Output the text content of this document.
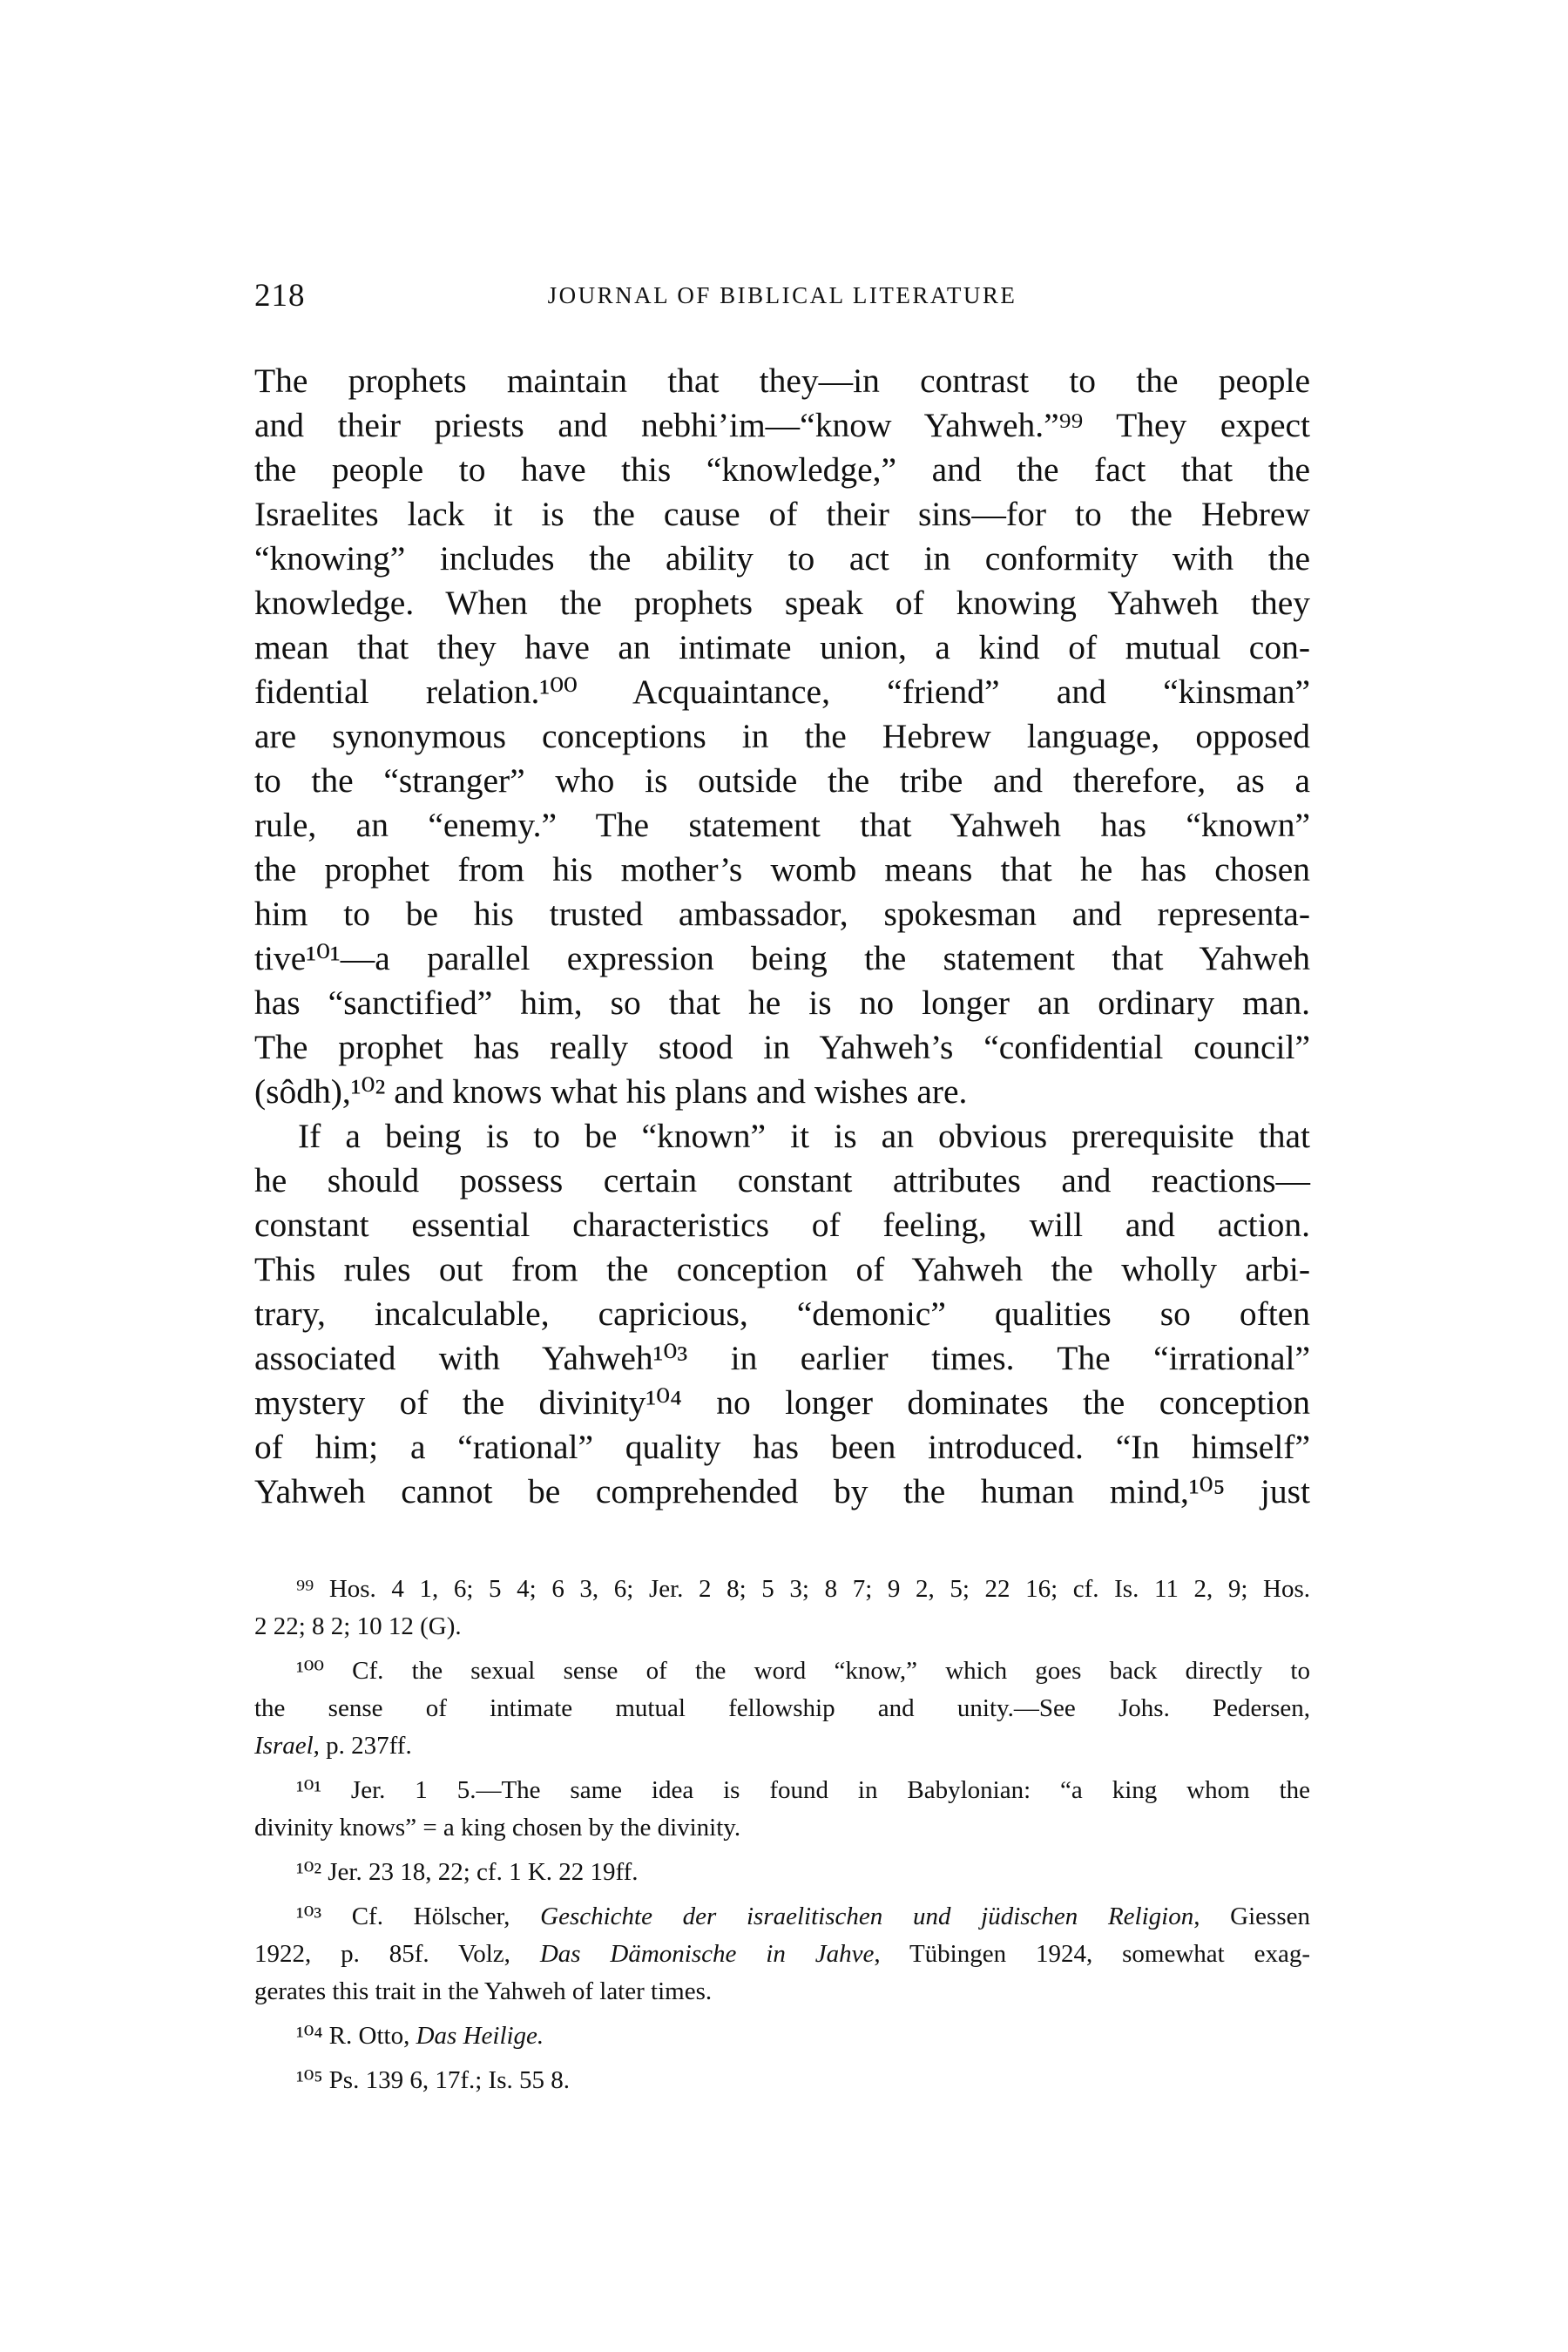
218	JOURNAL OF BIBLICAL LITERATURE
The prophets maintain that they—in contrast to the people
and their priests and nebhi’im—“know Yahweh.”⁹⁹ They expect
the people to have this “knowledge,” and the fact that the
Israelites lack it is the cause of their sins—for to the Hebrew
“knowing” includes the ability to act in conformity with the
knowledge. When the prophets speak of knowing Yahweh they
mean that they have an intimate union, a kind of mutual con-
fidential relation.¹⁰⁰ Acquaintance, “friend” and “kinsman”
are synonymous conceptions in the Hebrew language, opposed
to the “stranger” who is outside the tribe and therefore, as a
rule, an “enemy.” The statement that Yahweh has “known”
the prophet from his mother’s womb means that he has chosen
him to be his trusted ambassador, spokesman and representa-
tive¹⁰¹—a parallel expression being the statement that Yahweh
has “sanctified” him, so that he is no longer an ordinary man.
The prophet has really stood in Yahweh’s “confidential council”
(sôdh),¹⁰² and knows what his plans and wishes are.
If a being is to be “known” it is an obvious prerequisite that
he should possess certain constant attributes and reactions—
constant essential characteristics of feeling, will and action.
This rules out from the conception of Yahweh the wholly arbi-
trary, incalculable, capricious, “demonic” qualities so often
associated with Yahweh¹⁰³ in earlier times. The “irrational”
mystery of the divinity¹⁰⁴ no longer dominates the conception
of him; a “rational” quality has been introduced. “In himself”
Yahweh cannot be comprehended by the human mind,¹⁰⁵ just
⁹⁹ Hos. 4 1, 6; 5 4; 6 3, 6; Jer. 2 8; 5 3; 8 7; 9 2, 5; 22 16; cf. Is. 11 2, 9; Hos.
2 22; 8 2; 10 12 (G).
¹⁰⁰ Cf. the sexual sense of the word “know,” which goes back directly to
the sense of intimate mutual fellowship and unity.—See Johs. Pedersen,
Israel, p. 237ff.
¹⁰¹ Jer. 1 5.—The same idea is found in Babylonian: “a king whom the
divinity knows” = a king chosen by the divinity.
¹⁰² Jer. 23 18, 22; cf. 1 K. 22 19ff.
¹⁰³ Cf. Hölscher, Geschichte der israelitischen und jüdischen Religion, Giessen
1922, p. 85f. Volz, Das Dämonische in Jahve, Tübingen 1924, somewhat exag-
gerates this trait in the Yahweh of later times.
¹⁰⁴ R. Otto, Das Heilige.
¹⁰⁵ Ps. 139 6, 17f.; Is. 55 8.
